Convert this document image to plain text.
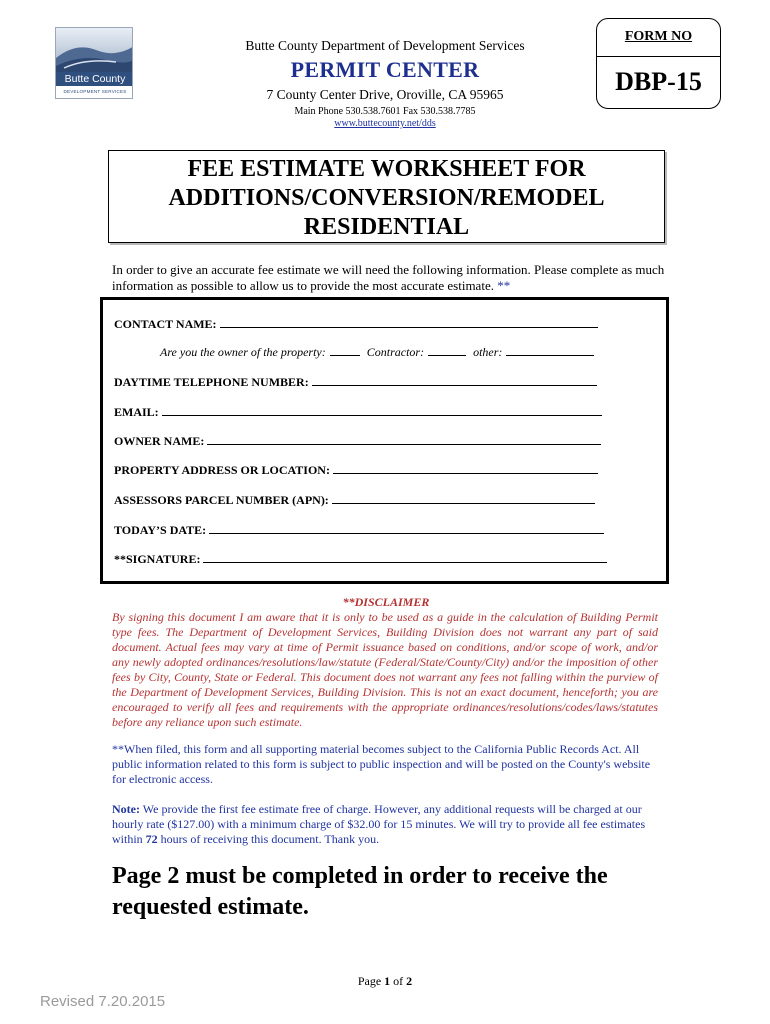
Butte County
DEVELOPMENT SERVICES
Butte County Department of Development Services
PERMIT CENTER
7 County Center Drive, Oroville, CA 95965
Main Phone 530.538.7601 Fax 530.538.7785
www.buttecounty.net/dds
FORM NO
DBP-15
FEE ESTIMATE WORKSHEET FOR
ADDITIONS/CONVERSION/REMODEL
RESIDENTIAL
In order to give an accurate fee estimate we will need the following information. Please complete as much information as possible to allow us to provide the most accurate estimate. **
CONTACT NAME:
Are you the owner of the property:	Contractor:	other:
DAYTIME TELEPHONE NUMBER:
EMAIL:
OWNER NAME:
PROPERTY ADDRESS OR LOCATION:
ASSESSORS PARCEL NUMBER (APN):
TODAY’S DATE:
**SIGNATURE:
**DISCLAIMER
By signing this document I am aware that it is only to be used as a guide in the calculation of Building Permit type fees. The Department of Development Services, Building Division does not warrant any part of said document. Actual fees may vary at time of Permit issuance based on conditions, and/or scope of work, and/or any newly adopted ordinances/resolutions/law/statute (Federal/State/County/City) and/or the imposition of other fees by City, County, State or Federal. This document does not warrant any fees not falling within the purview of the Department of Development Services, Building Division. This is not an exact document, henceforth; you are encouraged to verify all fees and requirements with the appropriate ordinances/resolutions/codes/laws/statutes before any reliance upon such estimate.
**When filed, this form and all supporting material becomes subject to the California Public Records Act. All public information related to this form is subject to public inspection and will be posted on the County's website for electronic access.
Note: We provide the first fee estimate free of charge. However, any additional requests will be charged at our hourly rate ($127.00) with a minimum charge of $32.00 for 15 minutes. We will try to provide all fee estimates within 72 hours of receiving this document. Thank you.
Page 2 must be completed in order to receive the requested estimate.
Page 1 of 2
Revised 7.20.2015
